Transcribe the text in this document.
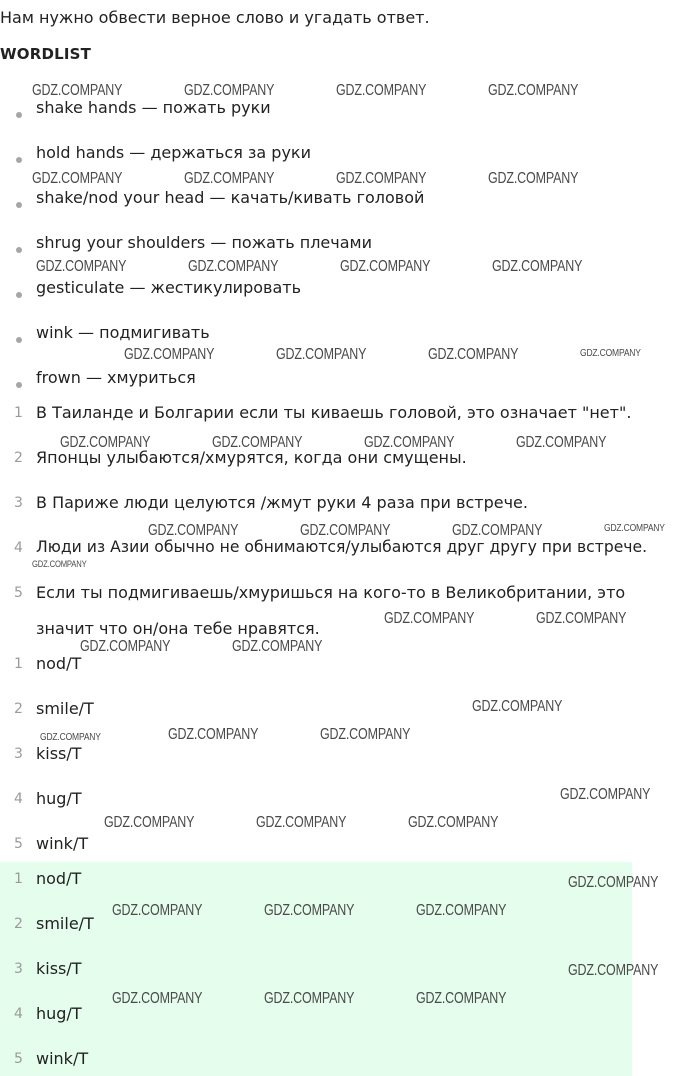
Нам нужно обвести верное слово и угадать ответ.
WORDLIST
shake hands — пожать руки
hold hands — держаться за руки
shake/nod your head — качать/кивать головой
shrug your shoulders — пожать плечами
gesticulate — жестикулировать
wink — подмигивать
frown — хмуриться
1 В Таиланде и Болгарии если ты киваешь головой, это означает "нет".
2 Японцы улыбаются/хмурятся, когда они смущены.
3 В Париже люди целуются /жмут руки 4 раза при встрече.
4 Люди из Азии обычно не обнимаются/улыбаются друг другу при встрече.
5 Если ты подмигиваешь/хмуришься на кого-то в Великобритании, это
значит что он/она тебе нравятся.
1 nod/T
2 smile/T
3 kiss/T
4 hug/T
5 wink/T
1 nod/T
2 smile/T
3 kiss/T
4 hug/T
5 wink/T
GDZ.COMPANY	GDZ.COMPANY	GDZ.COMPANY	GDZ.COMPANY
GDZ.COMPANY	GDZ.COMPANY	GDZ.COMPANY	GDZ.COMPANY
GDZ.COMPANY	GDZ.COMPANY	GDZ.COMPANY	GDZ.COMPANY
GDZ.COMPANY	GDZ.COMPANY	GDZ.COMPANY	GDZ.COMPANY
GDZ.COMPANY	GDZ.COMPANY	GDZ.COMPANY	GDZ.COMPANY
GDZ.COMPANY	GDZ.COMPANY	GDZ.COMPANY	GDZ.COMPANY
GDZ.COMPANY
GDZ.COMPANY	GDZ.COMPANY
GDZ.COMPANY	GDZ.COMPANY
GDZ.COMPANY
GDZ.COMPANY	GDZ.COMPANY	GDZ.COMPANY
GDZ.COMPANY
GDZ.COMPANY	GDZ.COMPANY	GDZ.COMPANY
GDZ.COMPANY
GDZ.COMPANY	GDZ.COMPANY	GDZ.COMPANY
GDZ.COMPANY
GDZ.COMPANY	GDZ.COMPANY	GDZ.COMPANY
